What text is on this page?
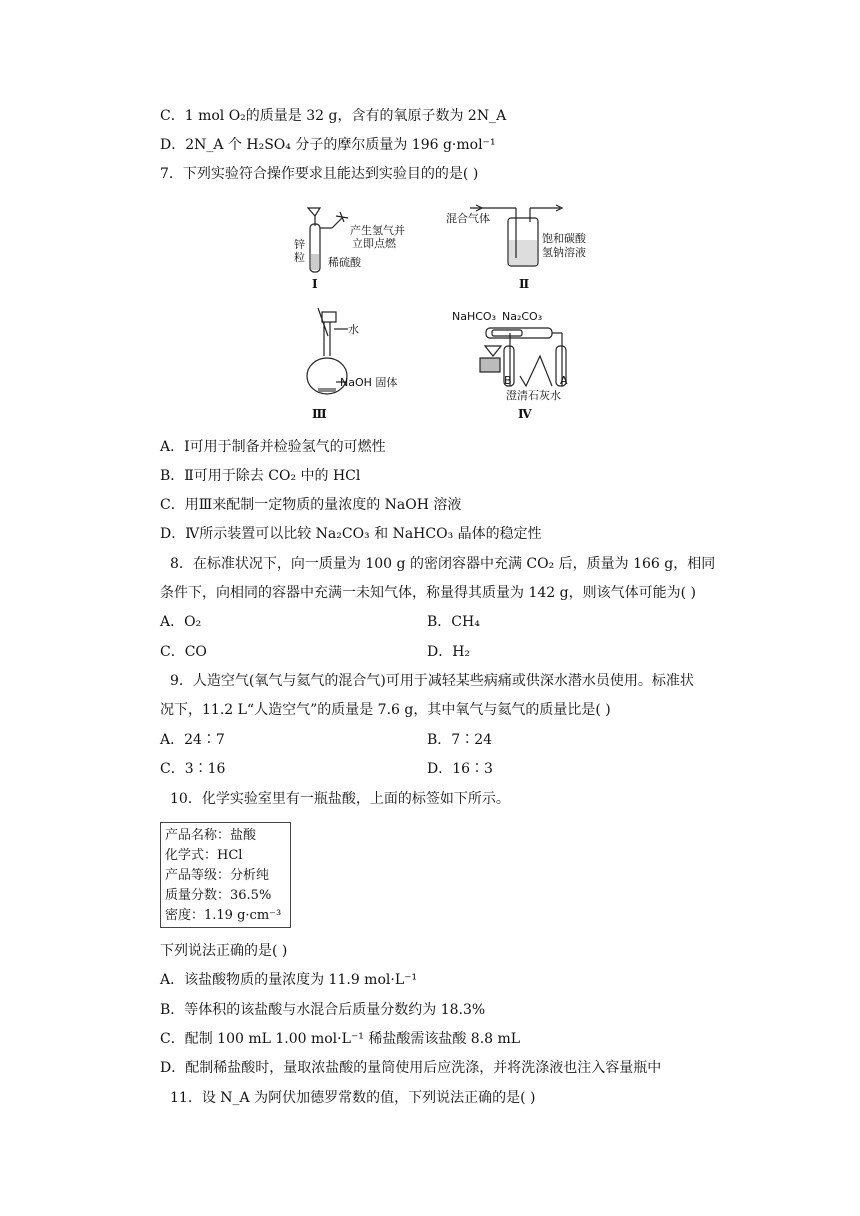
C．1 mol O₂的质量是 32 g，含有的氧原子数为 2N_A
D．2N_A 个 H₂SO₄ 分子的摩尔质量为 196 g·mol⁻¹
7．下列实验符合操作要求且能达到实验目的的是( )
产生氢气并
立即点燃
锌
粒 稀硫酸
Ⅰ
混合气体
饱和碳酸
氢钠溶液
Ⅱ
水
NaOH 固体
Ⅲ
NaHCO₃ Na₂CO₃
B	A
澄清石灰水
Ⅳ
A．Ⅰ可用于制备并检验氢气的可燃性
B．Ⅱ可用于除去 CO₂ 中的 HCl
C．用Ⅲ来配制一定物质的量浓度的 NaOH 溶液
D．Ⅳ所示装置可以比较 Na₂CO₃ 和 NaHCO₃ 晶体的稳定性
8．在标准状况下，向一质量为 100 g 的密闭容器中充满 CO₂ 后，质量为 166 g，相同
条件下，向相同的容器中充满一未知气体，称量得其质量为 142 g，则该气体可能为( )
A．O₂	B．CH₄
C．CO	D．H₂
9．人造空气(氧气与氦气的混合气)可用于减轻某些病痛或供深水潜水员使用。标准状
况下，11.2 L“人造空气”的质量是 7.6 g，其中氧气与氦气的质量比是( )
A．24∶7	B．7∶24
C．3∶16	D．16∶3
10．化学实验室里有一瓶盐酸，上面的标签如下所示。
产品名称：盐酸
化学式：HCl
产品等级：分析纯
质量分数：36.5%
密度：1.19 g·cm⁻³
下列说法正确的是( )
A．该盐酸物质的量浓度为 11.9 mol·L⁻¹
B．等体积的该盐酸与水混合后质量分数约为 18.3%
C．配制 100 mL 1.00 mol·L⁻¹ 稀盐酸需该盐酸 8.8 mL
D．配制稀盐酸时，量取浓盐酸的量筒使用后应洗涤，并将洗涤液也注入容量瓶中
11．设 N_A 为阿伏加德罗常数的值，下列说法正确的是( )
